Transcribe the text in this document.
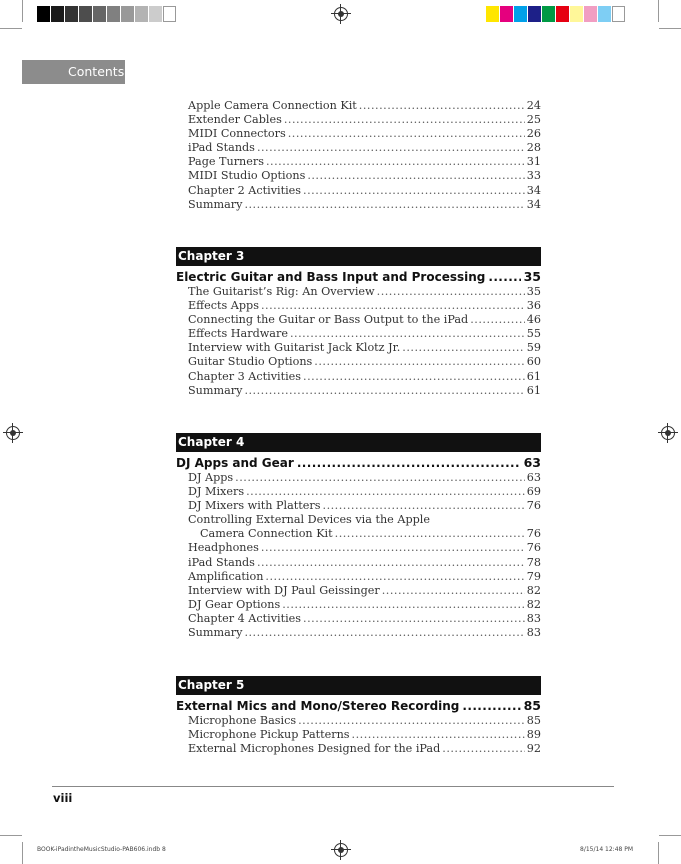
Contents
Apple Camera Connection Kit .....	24
Extender Cables .....	25
MIDI Connectors .....	26
iPad Stands .....	28
Page Turners .....	31
MIDI Studio Options .....	33
Chapter 2 Activities .....	34
Summary .....	34
Chapter 3
Electric Guitar and Bass Input and Processing .....	35
The Guitarist’s Rig: An Overview .....	35
Effects Apps .....	36
Connecting the Guitar or Bass Output to the iPad .....	46
Effects Hardware .....	55
Interview with Guitarist Jack Klotz Jr. .....	59
Guitar Studio Options .....	60
Chapter 3 Activities .....	61
Summary .....	61
Chapter 4
DJ Apps and Gear .....	63
DJ Apps .....	63
DJ Mixers .....	69
DJ Mixers with Platters .....	76
Controlling External Devices via the Apple
Camera Connection Kit .....	76
Headphones .....	76
iPad Stands .....	78
Amplification .....	79
Interview with DJ Paul Geissinger .....	82
DJ Gear Options .....	82
Chapter 4 Activities .....	83
Summary .....	83
Chapter 5
External Mics and Mono/Stereo Recording .....	85
Microphone Basics .....	85
Microphone Pickup Patterns .....	89
External Microphones Designed for the iPad .....	92
viii
BOOK-iPadintheMusicStudio-PAB606.indb 8	8/15/14 12:48 PM
